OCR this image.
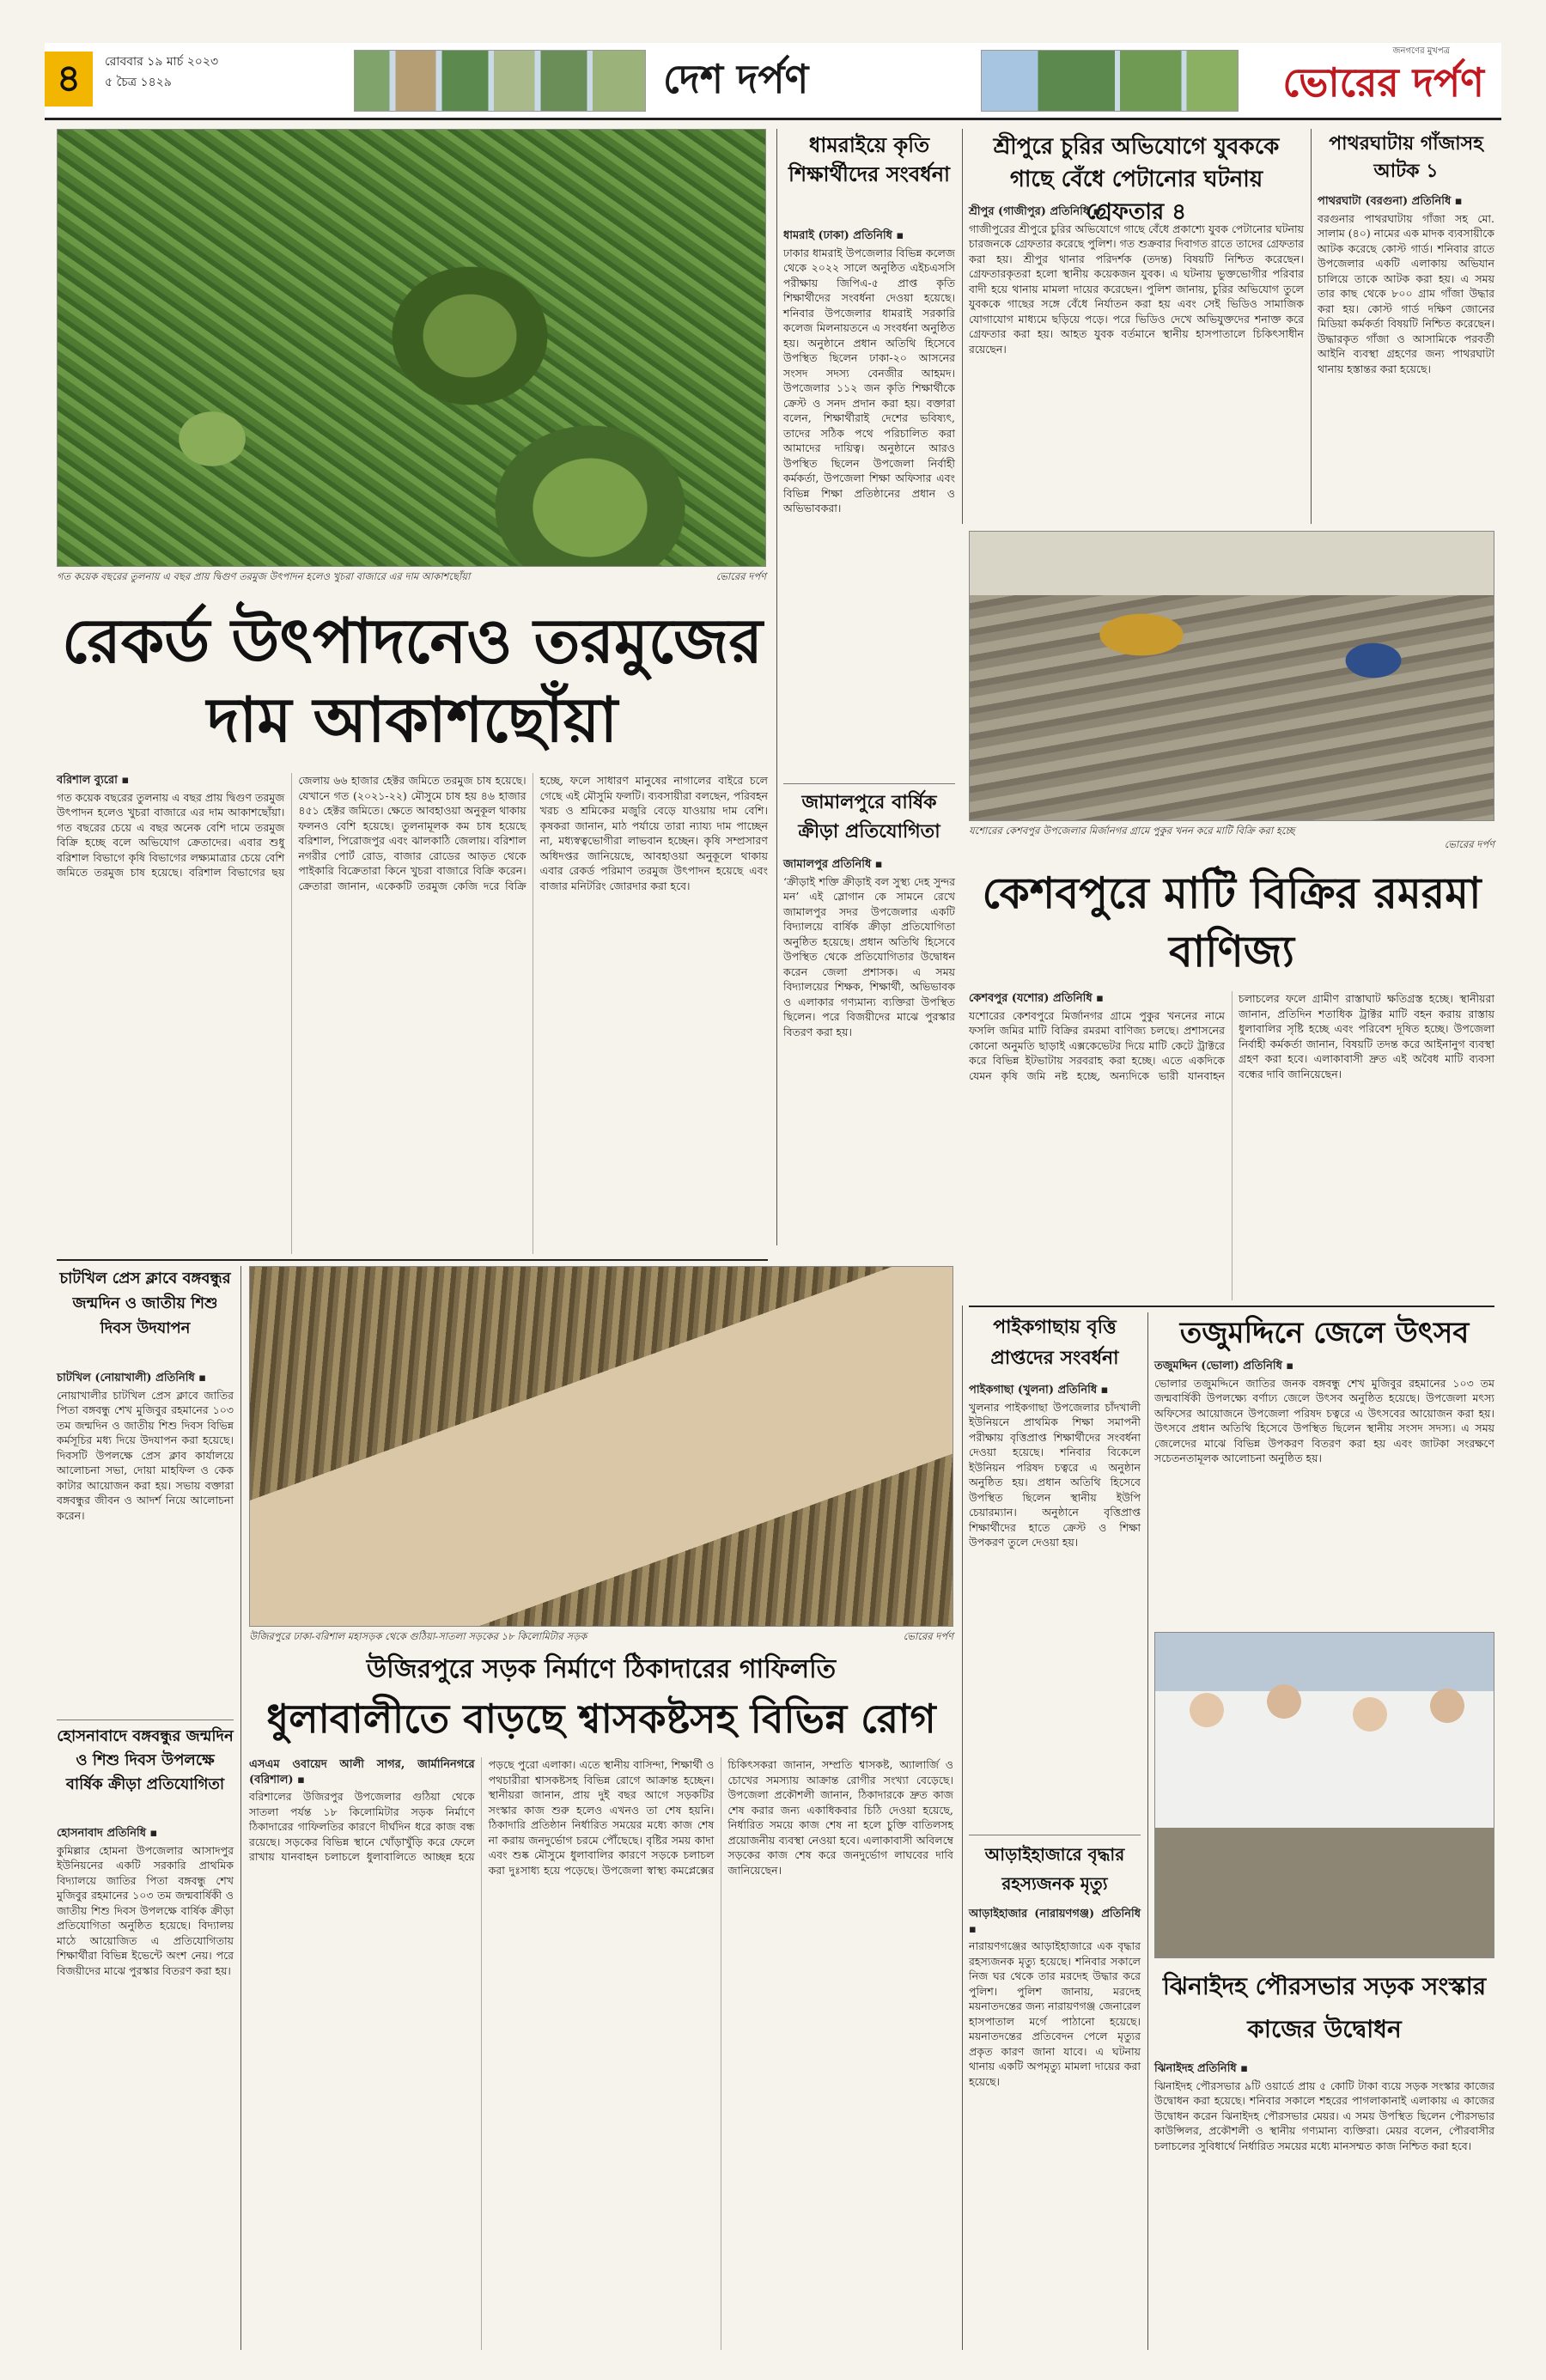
৪	রোববার ১৯ মার্চ ২০২৩
৫ চৈত্র ১৪২৯	দেশ দর্পণ
জনগণের মুখপত্র
ভোরের দর্পণ
গত কয়েক বছরের তুলনায় এ বছর প্রায় দ্বিগুণ তরমুজ উৎপাদন হলেও খুচরা বাজারে এর দাম আকাশছোঁয়া	ভোরের দর্পণ
রেকর্ড উৎপাদনেও তরমুজের দাম আকাশছোঁয়া
বরিশাল ব্যুরো ▪
গত কয়েক বছরের তুলনায় এ বছর প্রায় দ্বিগুণ তরমুজ উৎপাদন হলেও খুচরা বাজারে এর দাম আকাশছোঁয়া। গত বছরের চেয়ে এ বছর অনেক বেশি দামে তরমুজ বিক্রি হচ্ছে বলে অভিযোগ ক্রেতাদের। এবার শুধু বরিশাল বিভাগে কৃষি বিভাগের লক্ষ্যমাত্রার চেয়ে বেশি জমিতে তরমুজ চাষ হয়েছে। বরিশাল বিভাগের ছয় জেলায় ৬৬ হাজার হেক্টর জমিতে তরমুজ চাষ হয়েছে। যেখানে গত (২০২১-২২) মৌসুমে চাষ হয় ৪৬ হাজার ৪৫১ হেক্টর জমিতে। ক্ষেতে আবহাওয়া অনুকূল থাকায় ফলনও বেশি হয়েছে। তুলনামূলক কম চাষ হয়েছে বরিশাল, পিরোজপুর এবং ঝালকাঠি জেলায়। বরিশাল নগরীর পোর্ট রোড, বাজার রোডের আড়ত থেকে পাইকারি বিক্রেতারা কিনে খুচরা বাজারে বিক্রি করেন। ক্রেতারা জানান, একেকটি তরমুজ কেজি দরে বিক্রি হচ্ছে, ফলে সাধারণ মানুষের নাগালের বাইরে চলে গেছে এই মৌসুমি ফলটি। ব্যবসায়ীরা বলছেন, পরিবহন খরচ ও শ্রমিকের মজুরি বেড়ে যাওয়ায় দাম বেশি। কৃষকরা জানান, মাঠ পর্যায়ে তারা ন্যায্য দাম পাচ্ছেন না, মধ্যস্বত্বভোগীরা লাভবান হচ্ছেন। কৃষি সম্প্রসারণ অধিদপ্তর জানিয়েছে, আবহাওয়া অনুকূলে থাকায় এবার রেকর্ড পরিমাণ তরমুজ উৎপাদন হয়েছে এবং বাজার মনিটরিং জোরদার করা হবে।
ধামরাইয়ে কৃতি শিক্ষার্থীদের সংবর্ধনা
ধামরাই (ঢাকা) প্রতিনিধি ▪
ঢাকার ধামরাই উপজেলার বিভিন্ন কলেজ থেকে ২০২২ সালে অনুষ্ঠিত এইচএসসি পরীক্ষায় জিপিএ-৫ প্রাপ্ত কৃতি শিক্ষার্থীদের সংবর্ধনা দেওয়া হয়েছে। শনিবার উপজেলার ধামরাই সরকারি কলেজ মিলনায়তনে এ সংবর্ধনা অনুষ্ঠিত হয়। অনুষ্ঠানে প্রধান অতিথি হিসেবে উপস্থিত ছিলেন ঢাকা-২০ আসনের সংসদ সদস্য বেনজীর আহমদ। উপজেলার ১১২ জন কৃতি শিক্ষার্থীকে ক্রেস্ট ও সনদ প্রদান করা হয়। বক্তারা বলেন, শিক্ষার্থীরাই দেশের ভবিষ্যৎ, তাদের সঠিক পথে পরিচালিত করা আমাদের দায়িত্ব। অনুষ্ঠানে আরও উপস্থিত ছিলেন উপজেলা নির্বাহী কর্মকর্তা, উপজেলা শিক্ষা অফিসার এবং বিভিন্ন শিক্ষা প্রতিষ্ঠানের প্রধান ও অভিভাবকরা।
জামালপুরে বার্ষিক ক্রীড়া প্রতিযোগিতা
জামালপুর প্রতিনিধি ▪
‘ক্রীড়াই শক্তি ক্রীড়াই বল সুস্থ্য দেহ সুন্দর মন’ এই স্লোগান কে সামনে রেখে জামালপুর সদর উপজেলার একটি বিদ্যালয়ে বার্ষিক ক্রীড়া প্রতিযোগিতা অনুষ্ঠিত হয়েছে। প্রধান অতিথি হিসেবে উপস্থিত থেকে প্রতিযোগিতার উদ্বোধন করেন জেলা প্রশাসক। এ সময় বিদ্যালয়ের শিক্ষক, শিক্ষার্থী, অভিভাবক ও এলাকার গণ্যমান্য ব্যক্তিরা উপস্থিত ছিলেন। পরে বিজয়ীদের মাঝে পুরস্কার বিতরণ করা হয়।
শ্রীপুরে চুরির অভিযোগে যুবককে গাছে বেঁধে পেটানোর ঘটনায় গ্রেফতার ৪
শ্রীপুর (গাজীপুর) প্রতিনিধি ▪
গাজীপুরের শ্রীপুরে চুরির অভিযোগে গাছে বেঁধে প্রকাশ্যে যুবক পেটানোর ঘটনায় চারজনকে গ্রেফতার করেছে পুলিশ। গত শুক্রবার দিবাগত রাতে তাদের গ্রেফতার করা হয়। শ্রীপুর থানার পরিদর্শক (তদন্ত) বিষয়টি নিশ্চিত করেছেন। গ্রেফতারকৃতরা হলো স্থানীয় কয়েকজন যুবক। এ ঘটনায় ভুক্তভোগীর পরিবার বাদী হয়ে থানায় মামলা দায়ের করেছেন। পুলিশ জানায়, চুরির অভিযোগ তুলে যুবককে গাছের সঙ্গে বেঁধে নির্যাতন করা হয় এবং সেই ভিডিও সামাজিক যোগাযোগ মাধ্যমে ছড়িয়ে পড়ে। পরে ভিডিও দেখে অভিযুক্তদের শনাক্ত করে গ্রেফতার করা হয়। আহত যুবক বর্তমানে স্থানীয় হাসপাতালে চিকিৎসাধীন রয়েছেন।
পাথরঘাটায় গাঁজাসহ আটক ১
পাথরঘাটা (বরগুনা) প্রতিনিধি ▪
বরগুনার পাথরঘাটায় গাঁজা সহ মো. সালাম (৪০) নামের এক মাদক ব্যবসায়ীকে আটক করেছে কোস্ট গার্ড। শনিবার রাতে উপজেলার একটি এলাকায় অভিযান চালিয়ে তাকে আটক করা হয়। এ সময় তার কাছ থেকে ৮০০ গ্রাম গাঁজা উদ্ধার করা হয়। কোস্ট গার্ড দক্ষিণ জোনের মিডিয়া কর্মকর্তা বিষয়টি নিশ্চিত করেছেন। উদ্ধারকৃত গাঁজা ও আসামিকে পরবর্তী আইনি ব্যবস্থা গ্রহণের জন্য পাথরঘাটা থানায় হস্তান্তর করা হয়েছে।
যশোরের কেশবপুর উপজেলার মির্জানগর গ্রামে পুকুর খনন করে মাটি বিক্রি করা হচ্ছে
ভোরের দর্পণ
কেশবপুরে মাটি বিক্রির রমরমা বাণিজ্য
কেশবপুর (যশোর) প্রতিনিধি ▪
যশোরের কেশবপুরে মির্জানগর গ্রামে পুকুর খননের নামে ফসলি জমির মাটি বিক্রির রমরমা বাণিজ্য চলছে। প্রশাসনের কোনো অনুমতি ছাড়াই এক্সকেভেটর দিয়ে মাটি কেটে ট্রাক্টরে করে বিভিন্ন ইটভাটায় সরবরাহ করা হচ্ছে। এতে একদিকে যেমন কৃষি জমি নষ্ট হচ্ছে, অন্যদিকে ভারী যানবাহন চলাচলের ফলে গ্রামীণ রাস্তাঘাট ক্ষতিগ্রস্ত হচ্ছে। স্থানীয়রা জানান, প্রতিদিন শতাধিক ট্রাক্টর মাটি বহন করায় রাস্তায় ধুলাবালির সৃষ্টি হচ্ছে এবং পরিবেশ দূষিত হচ্ছে। উপজেলা নির্বাহী কর্মকর্তা জানান, বিষয়টি তদন্ত করে আইনানুগ ব্যবস্থা গ্রহণ করা হবে। এলাকাবাসী দ্রুত এই অবৈধ মাটি ব্যবসা বন্ধের দাবি জানিয়েছেন।
চাটখিল প্রেস ক্লাবে বঙ্গবন্ধুর জন্মদিন ও জাতীয় শিশু দিবস উদযাপন
চাটখিল (নোয়াখালী) প্রতিনিধি ▪
নোয়াখালীর চাটখিল প্রেস ক্লাবে জাতির পিতা বঙ্গবন্ধু শেখ মুজিবুর রহমানের ১০৩ তম জন্মদিন ও জাতীয় শিশু দিবস বিভিন্ন কর্মসূচির মধ্য দিয়ে উদযাপন করা হয়েছে। দিবসটি উপলক্ষে প্রেস ক্লাব কার্যালয়ে আলোচনা সভা, দোয়া মাহফিল ও কেক কাটার আয়োজন করা হয়। সভায় বক্তারা বঙ্গবন্ধুর জীবন ও আদর্শ নিয়ে আলোচনা করেন।
হোসনাবাদে বঙ্গবন্ধুর জন্মদিন ও শিশু দিবস উপলক্ষে বার্ষিক ক্রীড়া প্রতিযোগিতা
হোসনাবাদ প্রতিনিধি ▪
কুমিল্লার হোমনা উপজেলার আসাদপুর ইউনিয়নের একটি সরকারি প্রাথমিক বিদ্যালয়ে জাতির পিতা বঙ্গবন্ধু শেখ মুজিবুর রহমানের ১০৩ তম জন্মবার্ষিকী ও জাতীয় শিশু দিবস উপলক্ষে বার্ষিক ক্রীড়া প্রতিযোগিতা অনুষ্ঠিত হয়েছে। বিদ্যালয় মাঠে আয়োজিত এ প্রতিযোগিতায় শিক্ষার্থীরা বিভিন্ন ইভেন্টে অংশ নেয়। পরে বিজয়ীদের মাঝে পুরস্কার বিতরণ করা হয়।
উজিরপুরে ঢাকা-বরিশাল মহাসড়ক থেকে গুঠিয়া-সাতলা সড়কের ১৮ কিলোমিটার সড়ক	ভোরের দর্পণ
উজিরপুরে সড়ক নির্মাণে ঠিকাদারের গাফিলতি
ধুলাবালীতে বাড়ছে শ্বাসকষ্টসহ বিভিন্ন রোগ
এসএম ওবায়েদ আলী সাগর, জার্মানিনগরে (বরিশাল) ▪
বরিশালের উজিরপুর উপজেলার গুঠিয়া থেকে সাতলা পর্যন্ত ১৮ কিলোমিটার সড়ক নির্মাণে ঠিকাদারের গাফিলতির কারণে দীর্ঘদিন ধরে কাজ বন্ধ রয়েছে। সড়কের বিভিন্ন স্থানে খোঁড়াখুঁড়ি করে ফেলে রাখায় যানবাহন চলাচলে ধুলাবালিতে আচ্ছন্ন হয়ে পড়ছে পুরো এলাকা। এতে স্থানীয় বাসিন্দা, শিক্ষার্থী ও পথচারীরা শ্বাসকষ্টসহ বিভিন্ন রোগে আক্রান্ত হচ্ছেন। স্থানীয়রা জানান, প্রায় দুই বছর আগে সড়কটির সংস্কার কাজ শুরু হলেও এখনও তা শেষ হয়নি। ঠিকাদারি প্রতিষ্ঠান নির্ধারিত সময়ের মধ্যে কাজ শেষ না করায় জনদুর্ভোগ চরমে পৌঁছেছে। বৃষ্টির সময় কাদা এবং শুষ্ক মৌসুমে ধুলাবালির কারণে সড়কে চলাচল করা দুঃসাধ্য হয়ে পড়েছে। উপজেলা স্বাস্থ্য কমপ্লেক্সের চিকিৎসকরা জানান, সম্প্রতি শ্বাসকষ্ট, অ্যালার্জি ও চোখের সমস্যায় আক্রান্ত রোগীর সংখ্যা বেড়েছে। উপজেলা প্রকৌশলী জানান, ঠিকাদারকে দ্রুত কাজ শেষ করার জন্য একাধিকবার চিঠি দেওয়া হয়েছে, নির্ধারিত সময়ে কাজ শেষ না হলে চুক্তি বাতিলসহ প্রয়োজনীয় ব্যবস্থা নেওয়া হবে। এলাকাবাসী অবিলম্বে সড়কের কাজ শেষ করে জনদুর্ভোগ লাঘবের দাবি জানিয়েছেন।
পাইকগাছায় বৃত্তি প্রাপ্তদের সংবর্ধনা
পাইকগাছা (খুলনা) প্রতিনিধি ▪
খুলনার পাইকগাছা উপজেলার চাঁদখালী ইউনিয়নে প্রাথমিক শিক্ষা সমাপনী পরীক্ষায় বৃত্তিপ্রাপ্ত শিক্ষার্থীদের সংবর্ধনা দেওয়া হয়েছে। শনিবার বিকেলে ইউনিয়ন পরিষদ চত্বরে এ অনুষ্ঠান অনুষ্ঠিত হয়। প্রধান অতিথি হিসেবে উপস্থিত ছিলেন স্থানীয় ইউপি চেয়ারম্যান। অনুষ্ঠানে বৃত্তিপ্রাপ্ত শিক্ষার্থীদের হাতে ক্রেস্ট ও শিক্ষা উপকরণ তুলে দেওয়া হয়।
আড়াইহাজারে বৃদ্ধার রহস্যজনক মৃত্যু
আড়াইহাজার (নারায়ণগঞ্জ) প্রতিনিধি ▪
নারায়ণগঞ্জের আড়াইহাজারে এক বৃদ্ধার রহস্যজনক মৃত্যু হয়েছে। শনিবার সকালে নিজ ঘর থেকে তার মরদেহ উদ্ধার করে পুলিশ। পুলিশ জানায়, মরদেহ ময়নাতদন্তের জন্য নারায়ণগঞ্জ জেনারেল হাসপাতাল মর্গে পাঠানো হয়েছে। ময়নাতদন্তের প্রতিবেদন পেলে মৃত্যুর প্রকৃত কারণ জানা যাবে। এ ঘটনায় থানায় একটি অপমৃত্যু মামলা দায়ের করা হয়েছে।
তজুমদ্দিনে জেলে উৎসব
তজুমদ্দিন (ভোলা) প্রতিনিধি ▪
ভোলার তজুমদ্দিনে জাতির জনক বঙ্গবন্ধু শেখ মুজিবুর রহমানের ১০৩ তম জন্মবার্ষিকী উপলক্ষ্যে বর্ণাঢ্য জেলে উৎসব অনুষ্ঠিত হয়েছে। উপজেলা মৎস্য অফিসের আয়োজনে উপজেলা পরিষদ চত্বরে এ উৎসবের আয়োজন করা হয়। উৎসবে প্রধান অতিথি হিসেবে উপস্থিত ছিলেন স্থানীয় সংসদ সদস্য। এ সময় জেলেদের মাঝে বিভিন্ন উপকরণ বিতরণ করা হয় এবং জাটকা সংরক্ষণে সচেতনতামূলক আলোচনা অনুষ্ঠিত হয়।
ঝিনাইদহ পৌরসভার সড়ক সংস্কার কাজের উদ্বোধন
ঝিনাইদহ প্রতিনিধি ▪
ঝিনাইদহ পৌরসভার ৯টি ওয়ার্ডে প্রায় ৫ কোটি টাকা ব্যয়ে সড়ক সংস্কার কাজের উদ্বোধন করা হয়েছে। শনিবার সকালে শহরের পাগলাকানাই এলাকায় এ কাজের উদ্বোধন করেন ঝিনাইদহ পৌরসভার মেয়র। এ সময় উপস্থিত ছিলেন পৌরসভার কাউন্সিলর, প্রকৌশলী ও স্থানীয় গণ্যমান্য ব্যক্তিরা। মেয়র বলেন, পৌরবাসীর চলাচলের সুবিধার্থে নির্ধারিত সময়ের মধ্যে মানসম্মত কাজ নিশ্চিত করা হবে।
